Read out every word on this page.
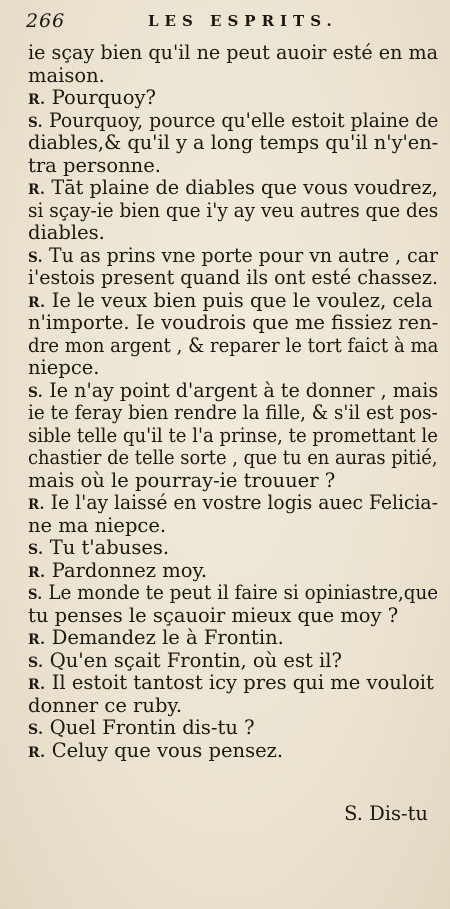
266	LES ESPRITS.
ie sçay bien qu'il ne peut auoir esté en ma
maison.
R. Pourquoy?
S. Pourquoy, pource qu'elle estoit plaine de
diables,& qu'il y a long temps qu'il n'y'en-
tra personne.
R. Tāt plaine de diables que vous voudrez,
si sçay-ie bien que i'y ay veu autres que des
diables.
S. Tu as prins vne porte pour vn autre , car
i'estois present quand ils ont esté chassez.
R. Ie le veux bien puis que le voulez, cela
n'importe. Ie voudrois que me fissiez ren-
dre mon argent , & reparer le tort faict à ma
niepce.
S. Ie n'ay point d'argent à te donner , mais
ie te feray bien rendre la fille, & s'il est pos-
sible telle qu'il te l'a prinse, te promettant le
chastier de telle sorte , que tu en auras pitié,
mais où le pourray-ie trouuer ?
R. Ie l'ay laissé en vostre logis auec Felicia-
ne ma niepce.
S. Tu t'abuses.
R. Pardonnez moy.
S. Le monde te peut il faire si opiniastre,que
tu penses le sçauoir mieux que moy ?
R. Demandez le à Frontin.
S. Qu'en sçait Frontin, où est il?
R. Il estoit tantost icy pres qui me vouloit
donner ce ruby.
S. Quel Frontin dis-tu ?
R. Celuy que vous pensez.
S. Dis-tu
